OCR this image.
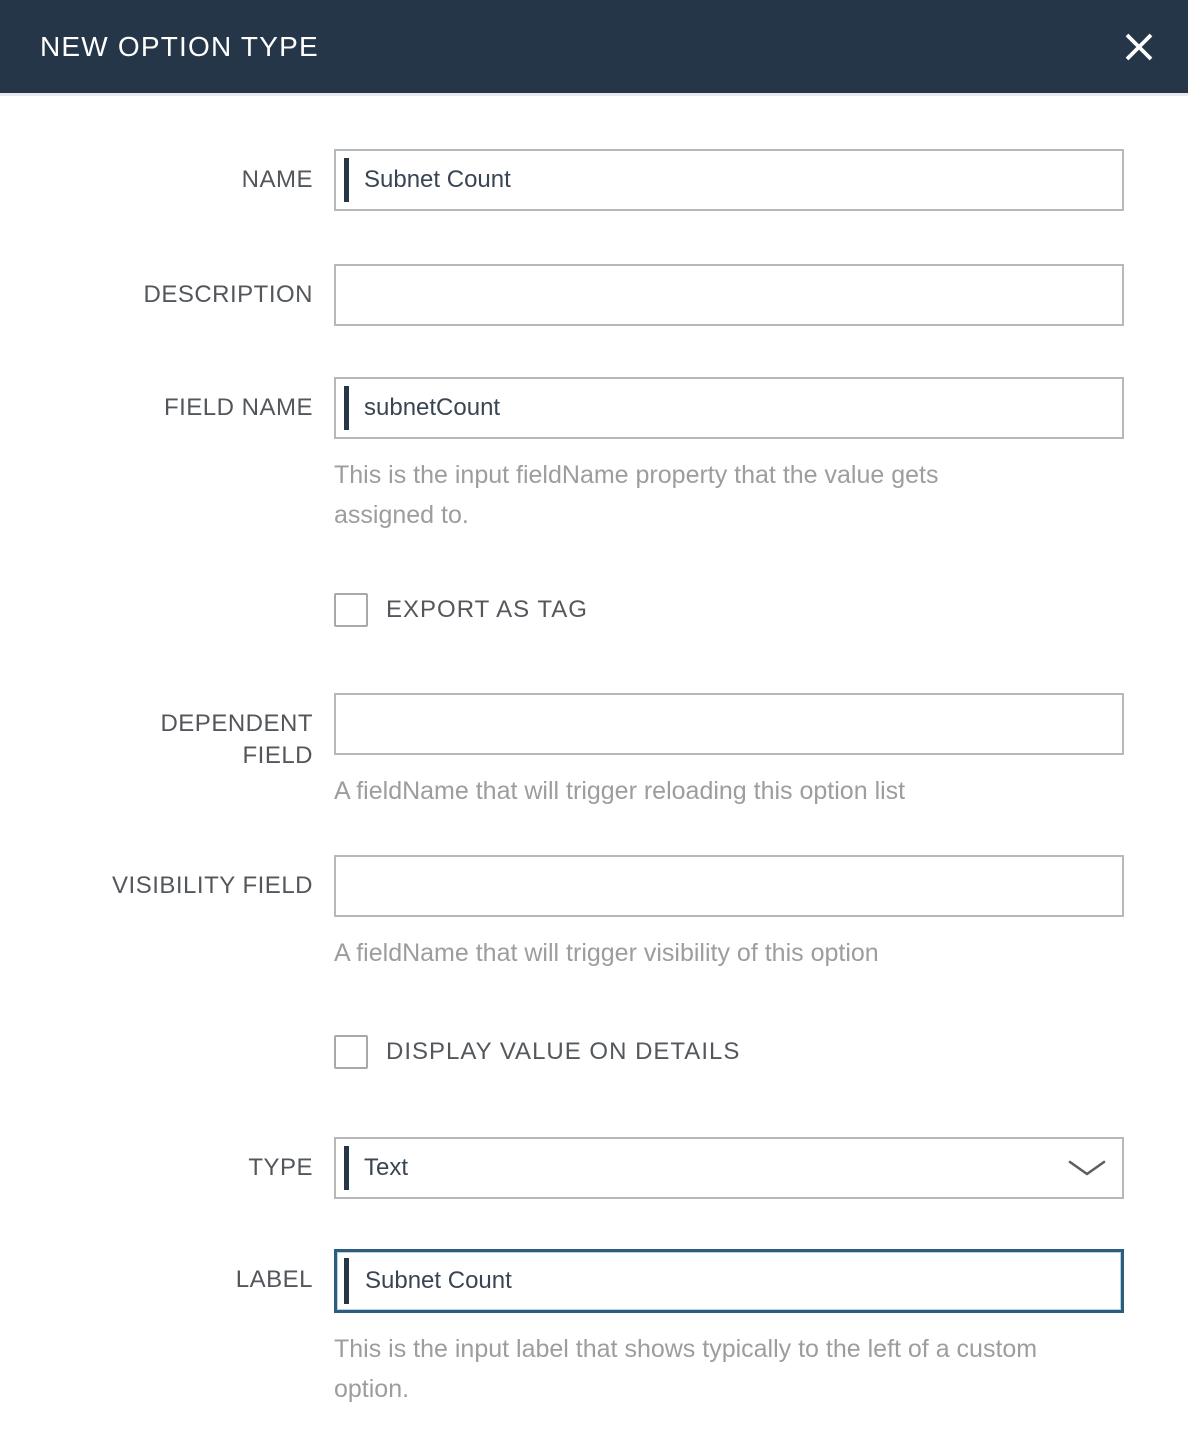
NEW OPTION TYPE
NAME
Subnet Count
DESCRIPTION
FIELD NAME
subnetCount
This is the input fieldName property that the value gets assigned to.
EXPORT AS TAG
DEPENDENT FIELD
A fieldName that will trigger reloading this option list
VISIBILITY FIELD
A fieldName that will trigger visibility of this option
DISPLAY VALUE ON DETAILS
TYPE	Text
LABEL
Subnet Count
This is the input label that shows typically to the left of a custom option.
